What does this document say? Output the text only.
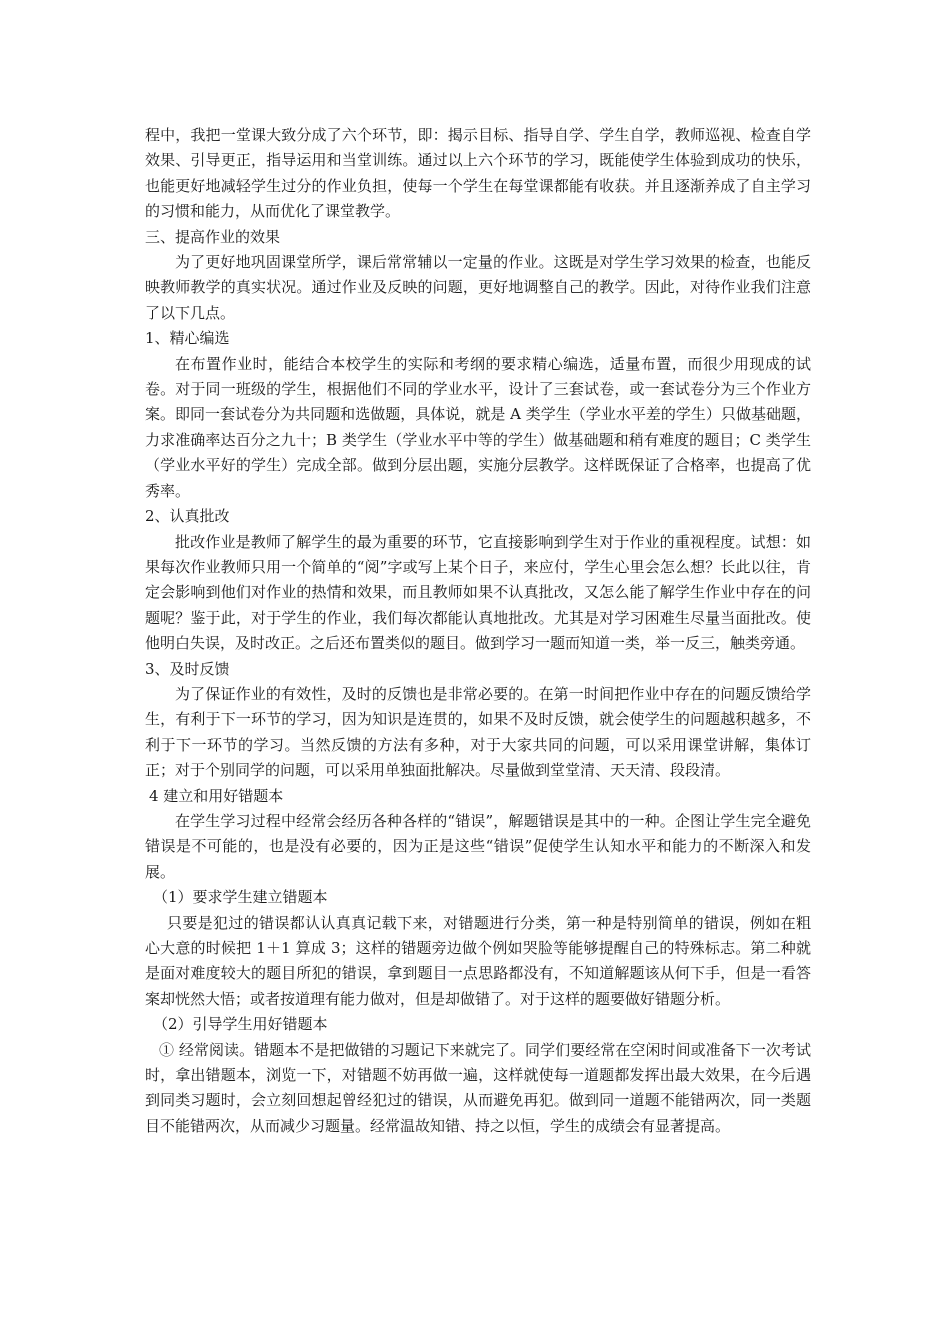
程中，我把一堂课大致分成了六个环节，即：揭示目标、指导自学、学生自学，教师巡视、检查自学效果、引导更正，指导运用和当堂训练。通过以上六个环节的学习，既能使学生体验到成功的快乐，也能更好地减轻学生过分的作业负担，使每一个学生在每堂课都能有收获。并且逐渐养成了自主学习的习惯和能力，从而优化了课堂教学。

三、提高作业的效果

为了更好地巩固课堂所学，课后常常辅以一定量的作业。这既是对学生学习效果的检查，也能反映教师教学的真实状况。通过作业及反映的问题，更好地调整自己的教学。因此，对待作业我们注意了以下几点。

1、精心编选

在布置作业时，能结合本校学生的实际和考纲的要求精心编选，适量布置，而很少用现成的试卷。对于同一班级的学生，根据他们不同的学业水平，设计了三套试卷，或一套试卷分为三个作业方案。即同一套试卷分为共同题和选做题，具体说，就是 A 类学生（学业水平差的学生）只做基础题，力求准确率达百分之九十；B 类学生（学业水平中等的学生）做基础题和稍有难度的题目；C 类学生（学业水平好的学生）完成全部。做到分层出题，实施分层教学。这样既保证了合格率，也提高了优秀率。

2、认真批改

批改作业是教师了解学生的最为重要的环节，它直接影响到学生对于作业的重视程度。试想：如果每次作业教师只用一个简单的“阅”字或写上某个日子，来应付，学生心里会怎么想？长此以往，肯定会影响到他们对作业的热情和效果，而且教师如果不认真批改，又怎么能了解学生作业中存在的问题呢？鉴于此，对于学生的作业，我们每次都能认真地批改。尤其是对学习困难生尽量当面批改。使他明白失误，及时改正。之后还布置类似的题目。做到学习一题而知道一类，举一反三，触类旁通。

3、及时反馈

为了保证作业的有效性，及时的反馈也是非常必要的。在第一时间把作业中存在的问题反馈给学生，有利于下一环节的学习，因为知识是连贯的，如果不及时反馈，就会使学生的问题越积越多，不利于下一环节的学习。当然反馈的方法有多种，对于大家共同的问题，可以采用课堂讲解，集体订正；对于个别同学的问题，可以采用单独面批解决。尽量做到堂堂清、天天清、段段清。

4 建立和用好错题本

在学生学习过程中经常会经历各种各样的“错误”，解题错误是其中的一种。企图让学生完全避免错误是不可能的，也是没有必要的，因为正是这些“错误”促使学生认知水平和能力的不断深入和发展。

（1）要求学生建立错题本

只要是犯过的错误都认认真真记载下来，对错题进行分类，第一种是特别简单的错误，例如在粗心大意的时候把 1＋1 算成 3；这样的错题旁边做个例如哭脸等能够提醒自己的特殊标志。第二种就是面对难度较大的题目所犯的错误，拿到题目一点思路都没有，不知道解题该从何下手，但是一看答案却恍然大悟；或者按道理有能力做对，但是却做错了。对于这样的题要做好错题分析。

（2）引导学生用好错题本

① 经常阅读。错题本不是把做错的习题记下来就完了。同学们要经常在空闲时间或准备下一次考试时，拿出错题本，浏览一下，对错题不妨再做一遍，这样就使每一道题都发挥出最大效果，在今后遇到同类习题时，会立刻回想起曾经犯过的错误，从而避免再犯。做到同一道题不能错两次，同一类题目不能错两次，从而减少习题量。经常温故知错、持之以恒，学生的成绩会有显著提高。
